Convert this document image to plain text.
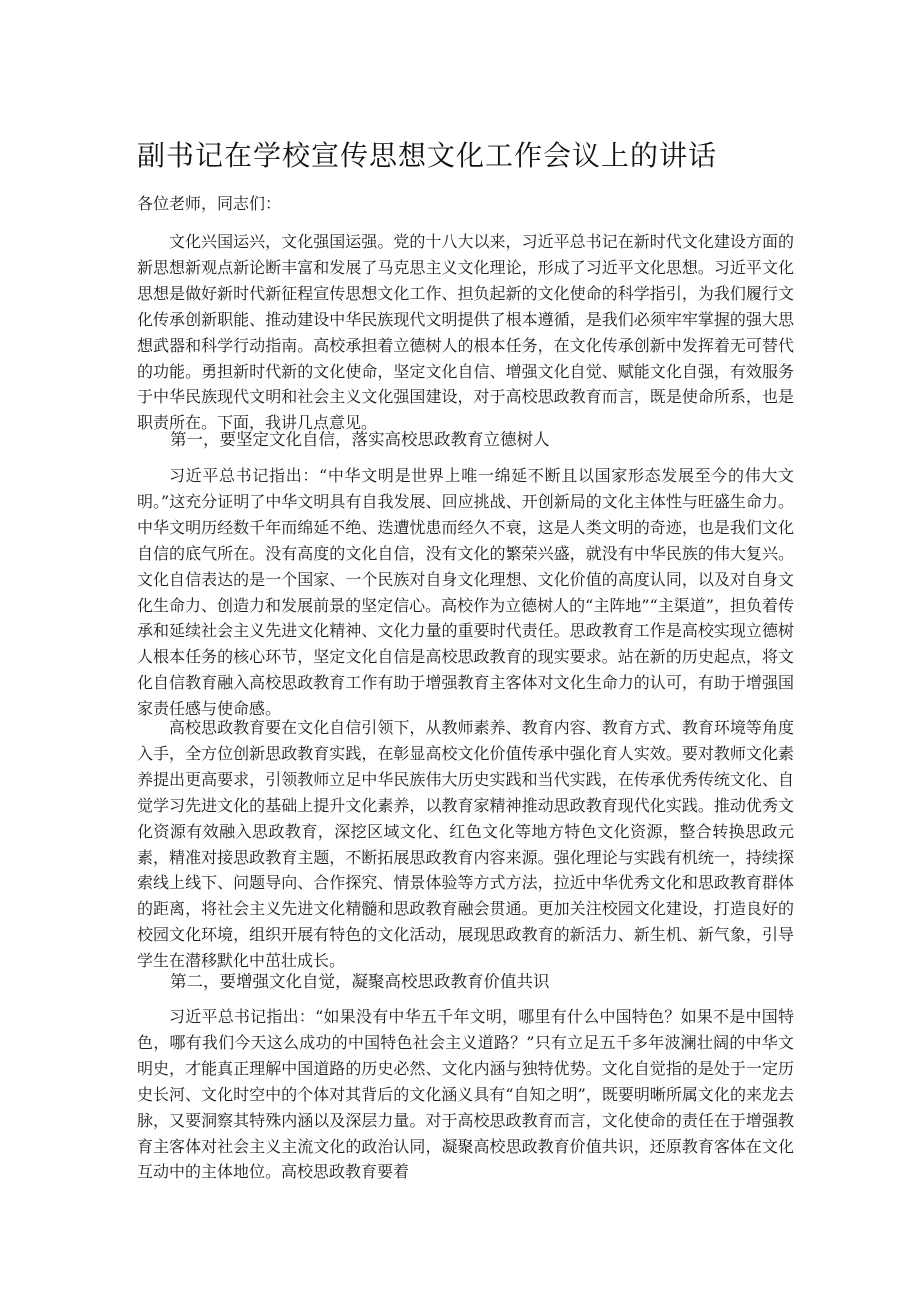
副书记在学校宣传思想文化工作会议上的讲话

各位老师，同志们：

文化兴国运兴，文化强国运强。党的十八大以来，习近平总书记在新时代文化建设方面的新思想新观点新论断丰富和发展了马克思主义文化理论，形成了习近平文化思想。习近平文化思想是做好新时代新征程宣传思想文化工作、担负起新的文化使命的科学指引，为我们履行文化传承创新职能、推动建设中华民族现代文明提供了根本遵循，是我们必须牢牢掌握的强大思想武器和科学行动指南。高校承担着立德树人的根本任务，在文化传承创新中发挥着无可替代的功能。勇担新时代新的文化使命，坚定文化自信、增强文化自觉、赋能文化自强，有效服务于中华民族现代文明和社会主义文化强国建设，对于高校思政教育而言，既是使命所系，也是职责所在。下面，我讲几点意见。

第一，要坚定文化自信，落实高校思政教育立德树人

习近平总书记指出：“中华文明是世界上唯一绵延不断且以国家形态发展至今的伟大文明。”这充分证明了中华文明具有自我发展、回应挑战、开创新局的文化主体性与旺盛生命力。中华文明历经数千年而绵延不绝、迭遭忧患而经久不衰，这是人类文明的奇迹，也是我们文化自信的底气所在。没有高度的文化自信，没有文化的繁荣兴盛，就没有中华民族的伟大复兴。文化自信表达的是一个国家、一个民族对自身文化理想、文化价值的高度认同，以及对自身文化生命力、创造力和发展前景的坚定信心。高校作为立德树人的“主阵地”“主渠道”，担负着传承和延续社会主义先进文化精神、文化力量的重要时代责任。思政教育工作是高校实现立德树人根本任务的核心环节，坚定文化自信是高校思政教育的现实要求。站在新的历史起点，将文化自信教育融入高校思政教育工作有助于增强教育主客体对文化生命力的认可，有助于增强国家责任感与使命感。

高校思政教育要在文化自信引领下，从教师素养、教育内容、教育方式、教育环境等角度入手，全方位创新思政教育实践，在彰显高校文化价值传承中强化育人实效。要对教师文化素养提出更高要求，引领教师立足中华民族伟大历史实践和当代实践，在传承优秀传统文化、自觉学习先进文化的基础上提升文化素养，以教育家精神推动思政教育现代化实践。推动优秀文化资源有效融入思政教育，深挖区域文化、红色文化等地方特色文化资源，整合转换思政元素，精准对接思政教育主题，不断拓展思政教育内容来源。强化理论与实践有机统一，持续探索线上线下、问题导向、合作探究、情景体验等方式方法，拉近中华优秀文化和思政教育群体的距离，将社会主义先进文化精髓和思政教育融会贯通。更加关注校园文化建设，打造良好的校园文化环境，组织开展有特色的文化活动，展现思政教育的新活力、新生机、新气象，引导学生在潜移默化中茁壮成长。

第二，要增强文化自觉，凝聚高校思政教育价值共识

习近平总书记指出：“如果没有中华五千年文明，哪里有什么中国特色？如果不是中国特色，哪有我们今天这么成功的中国特色社会主义道路？”只有立足五千多年波澜壮阔的中华文明史，才能真正理解中国道路的历史必然、文化内涵与独特优势。文化自觉指的是处于一定历史长河、文化时空中的个体对其背后的文化涵义具有“自知之明”，既要明晰所属文化的来龙去脉，又要洞察其特殊内涵以及深层力量。对于高校思政教育而言，文化使命的责任在于增强教育主客体对社会主义主流文化的政治认同，凝聚高校思政教育价值共识，还原教育客体在文化互动中的主体地位。高校思政教育要着
